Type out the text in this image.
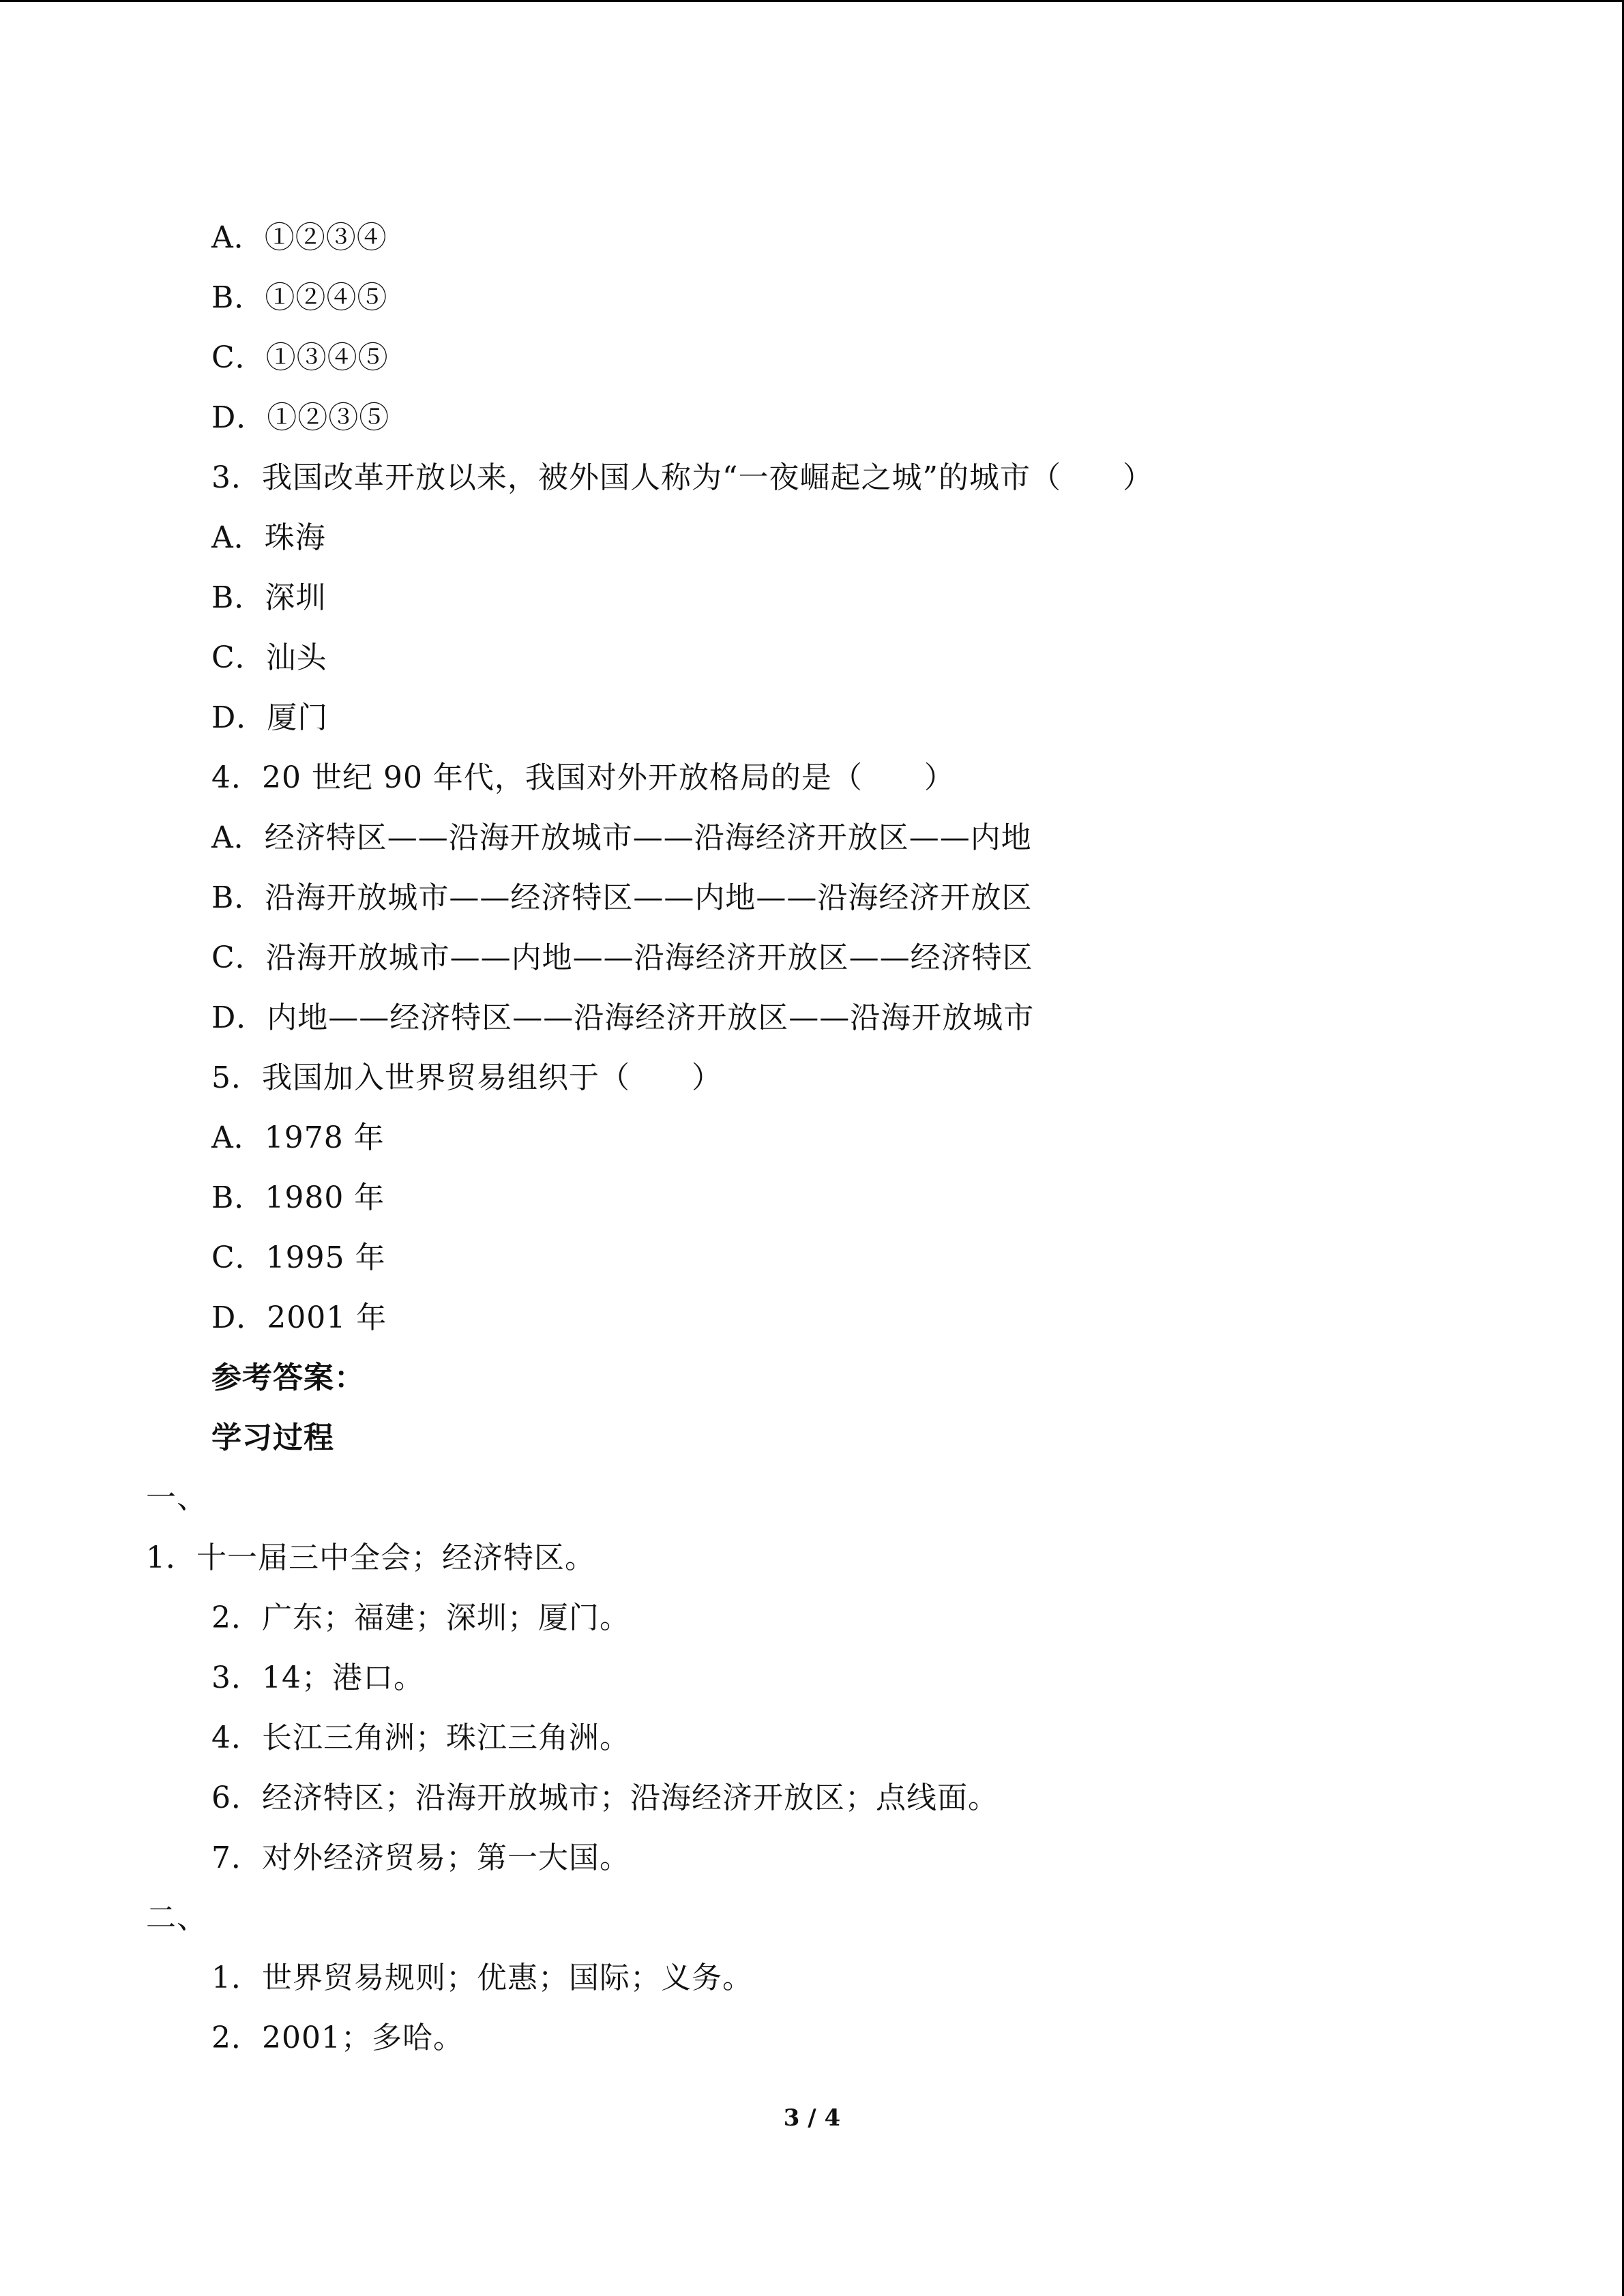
A．①②③④
B．①②④⑤
C．①③④⑤
D．①②③⑤
3．我国改革开放以来，被外国人称为“一夜崛起之城”的城市（　　）
A．珠海
B．深圳
C．汕头
D．厦门
4．20 世纪 90 年代，我国对外开放格局的是（　　）
A．经济特区——沿海开放城市——沿海经济开放区——内地
B．沿海开放城市——经济特区——内地——沿海经济开放区
C．沿海开放城市——内地——沿海经济开放区——经济特区
D．内地——经济特区——沿海经济开放区——沿海开放城市
5．我国加入世界贸易组织于（　　）
A．1978 年
B．1980 年
C．1995 年
D．2001 年
参考答案：
学习过程
一、
1．十一届三中全会；经济特区。
2．广东；福建；深圳；厦门。
3．14；港口。
4．长江三角洲；珠江三角洲。
6．经济特区；沿海开放城市；沿海经济开放区；点线面。
7．对外经济贸易；第一大国。
二、
1．世界贸易规则；优惠；国际；义务。
2．2001；多哈。
3 / 4
